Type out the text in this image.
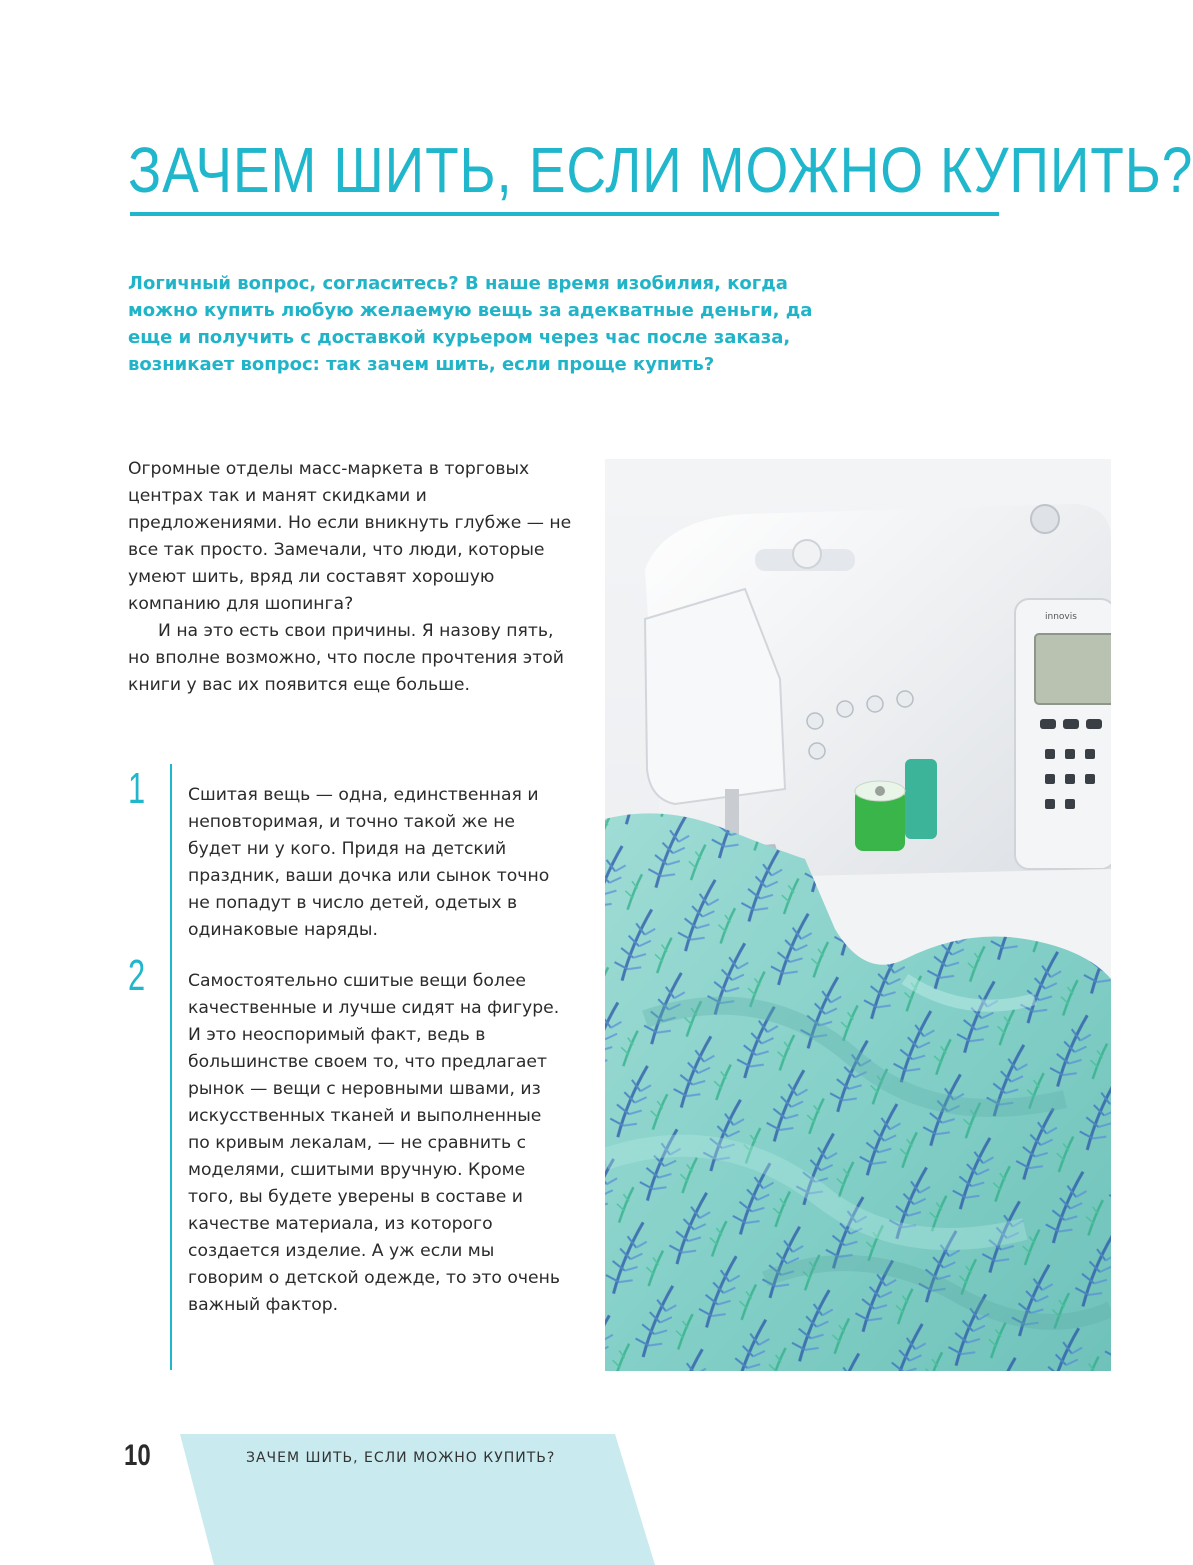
ЗАЧЕМ ШИТЬ, ЕСЛИ МОЖНО КУПИТЬ?

Логичный вопрос, согласитесь? В наше время изобилия, когда можно купить любую желаемую вещь за адекватные деньги, да еще и получить с доставкой курьером через час после заказа, возникает вопрос: так зачем шить, если проще купить?

Огромные отделы масс-маркета в торговых центрах так и манят скидками и предложениями. Но если вникнуть глубже — не все так просто. Замечали, что люди, которые умеют шить, вряд ли составят хорошую компанию для шопинга?

И на это есть свои причины. Я назову пять, но вполне возможно, что после прочтения этой книги у вас их появится еще больше.

1
2

Сшитая вещь — одна, единственная и неповторимая, и точно такой же не будет ни у кого. Придя на детский праздник, ваши дочка или сынок точно не попадут в число детей, одетых в одинаковые наряды.

Самостоятельно сшитые вещи более качественные и лучше сидят на фигуре. И это неоспоримый факт, ведь в большинстве своем то, что предлагает рынок — вещи с неровными швами, из искусственных тканей и выполненные по кривым лекалам, — не сравнить с моделями, сшитыми вручную. Кроме того, вы будете уверены в составе и качестве материала, из которого создается изделие. А уж если мы говорим о детской одежде, то это очень важный фактор.

innovis
10	ЗАЧЕМ ШИТЬ, ЕСЛИ МОЖНО КУПИТЬ?
